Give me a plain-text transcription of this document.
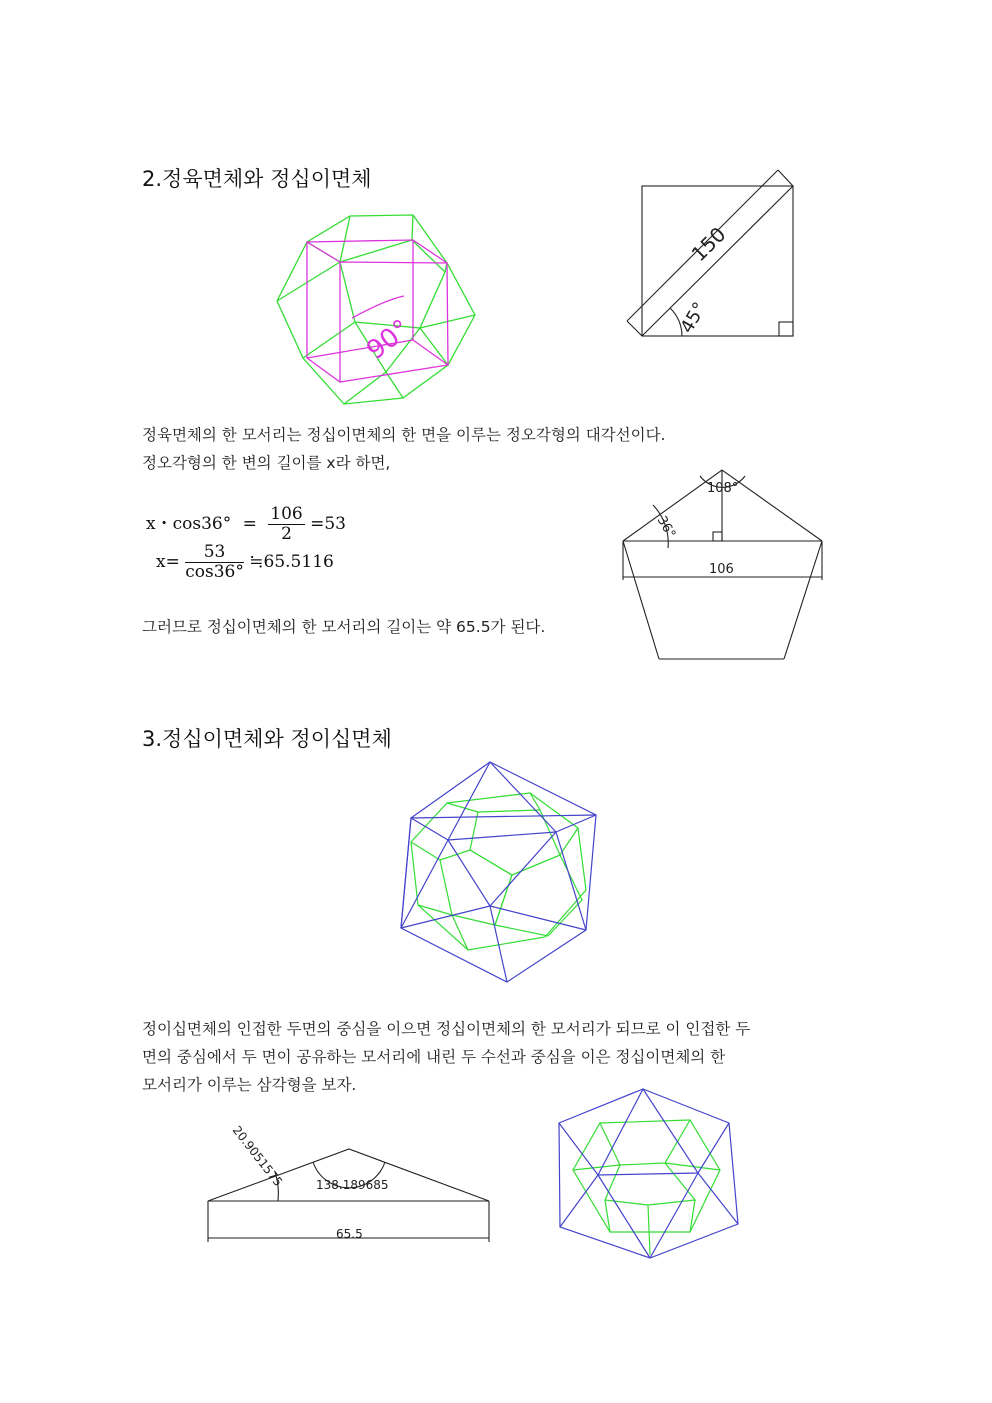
2.정육면체와 정십이면체
90°
150
45°
정육면체의 한 모서리는 정십이면체의 한 면을 이루는 정오각형의 대각선이다.
정오각형의 한 변의 길이를 x라 하면,
x・$\cos 36^\circ = \frac{106}{2} =53$
$x= \frac{53}{\cos 36^\circ}$ ≒65.5116
108°
36°
106
그러므로 정십이면체의 한 모서리의 길이는 약 65.5가 된다.
3.정십이면체와 정이십면체
정이십면체의 인접한 두면의 중심을 이으면 정십이면체의 한 모서리가 되므로 이 인접한 두
면의 중심에서 두 면이 공유하는 모서리에 내린 두 수선과 중심을 이은 정십이면체의 한
모서리가 이루는 삼각형을 보자.
20.9051575	138.189685
65.5
